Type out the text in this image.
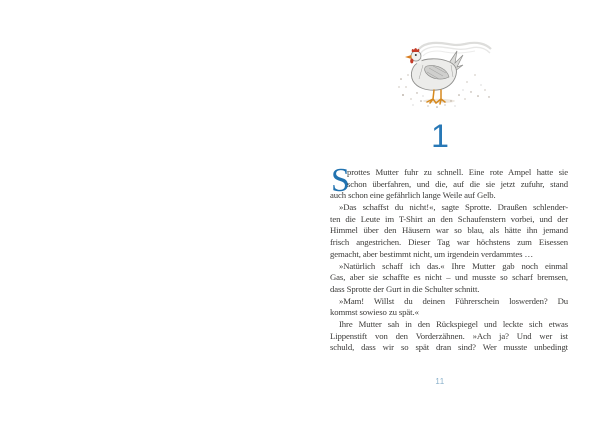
1
S
prottes Mutter fuhr zu schnell. Eine rote Ampel hatte sie
schon überfahren, und die, auf die sie jetzt zufuhr, stand
auch schon eine gefährlich lange Weile auf Gelb.
»Das schaffst du nicht!«, sagte Sprotte. Draußen schlender-
ten die Leute im T-Shirt an den Schaufenstern vorbei, und der
Himmel über den Häusern war so blau, als hätte ihn jemand
frisch angestrichen. Dieser Tag war höchstens zum Eisessen
gemacht, aber bestimmt nicht, um irgendein verdammtes …
»Natürlich schaff ich das.« Ihre Mutter gab noch einmal
Gas, aber sie schaffte es nicht – und musste so scharf bremsen,
dass Sprotte der Gurt in die Schulter schnitt.
»Mam! Willst du deinen Führerschein loswerden? Du
kommst sowieso zu spät.«
Ihre Mutter sah in den Rückspiegel und leckte sich etwas
Lippenstift von den Vorderzähnen. »Ach ja? Und wer ist
schuld, dass wir so spät dran sind? Wer musste unbedingt
11
